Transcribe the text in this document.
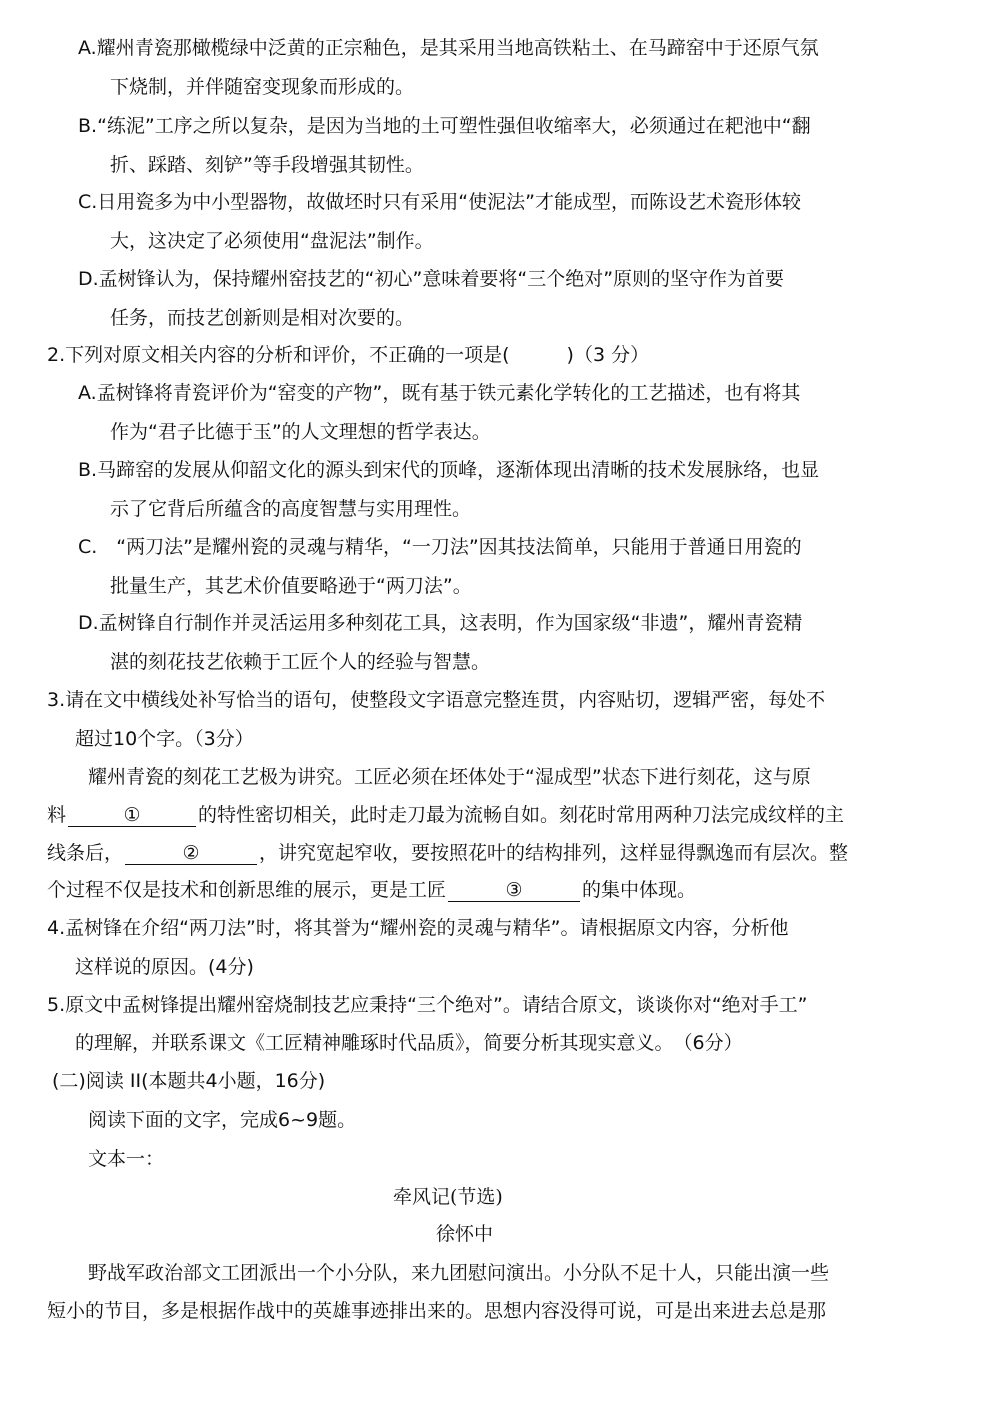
A.耀州青瓷那橄榄绿中泛黄的正宗釉色，是其采用当地高铁粘土、在马蹄窑中于还原气氛
下烧制，并伴随窑变现象而形成的。
B.“练泥”工序之所以复杂，是因为当地的土可塑性强但收缩率大，必须通过在耙池中“翻
折、踩踏、刻铲”等手段增强其韧性。
C.日用瓷多为中小型器物，故做坯时只有采用“使泥法”才能成型，而陈设艺术瓷形体较
大，这决定了必须使用“盘泥法”制作。
D.孟树锋认为，保持耀州窑技艺的“初心”意味着要将“三个绝对”原则的坚守作为首要
任务，而技艺创新则是相对次要的。
2.下列对原文相关内容的分析和评价，不正确的一项是(　　　)（3 分）
A.孟树锋将青瓷评价为“窑变的产物”，既有基于铁元素化学转化的工艺描述，也有将其
作为“君子比德于玉”的人文理想的哲学表达。
B.马蹄窑的发展从仰韶文化的源头到宋代的顶峰，逐渐体现出清晰的技术发展脉络，也显
示了它背后所蕴含的高度智慧与实用理性。
C.　“两刀法”是耀州瓷的灵魂与精华，“一刀法”因其技法简单，只能用于普通日用瓷的
批量生产，其艺术价值要略逊于“两刀法”。
D.孟树锋自行制作并灵活运用多种刻花工具，这表明，作为国家级“非遗”，耀州青瓷精
湛的刻花技艺依赖于工匠个人的经验与智慧。
3.请在文中横线处补写恰当的语句，使整段文字语意完整连贯，内容贴切，逻辑严密，每处不
超过10个字。（3分）
耀州青瓷的刻花工艺极为讲究。工匠必须在坯体处于“湿成型”状态下进行刻花，这与原
料	①	的特性密切相关，此时走刀最为流畅自如。刻花时常用两种刀法完成纹样的主
线条后，	②	，讲究宽起窄收，要按照花叶的结构排列，这样显得飘逸而有层次。整
个过程不仅是技术和创新思维的展示，更是工匠	③	的集中体现。
4.孟树锋在介绍“两刀法”时，将其誉为“耀州瓷的灵魂与精华”。请根据原文内容，分析他
这样说的原因。(4分)
5.原文中孟树锋提出耀州窑烧制技艺应秉持“三个绝对”。请结合原文，谈谈你对“绝对手工”
的理解，并联系课文《工匠精神雕琢时代品质》，简要分析其现实意义。　（6分）
(二)阅读 II(本题共4小题，16分)
阅读下面的文字，完成6~9题。
文本一：
牵风记(节选)
徐怀中
野战军政治部文工团派出一个小分队，来九团慰问演出。小分队不足十人，只能出演一些
短小的节目，多是根据作战中的英雄事迹排出来的。思想内容没得可说，可是出来进去总是那
